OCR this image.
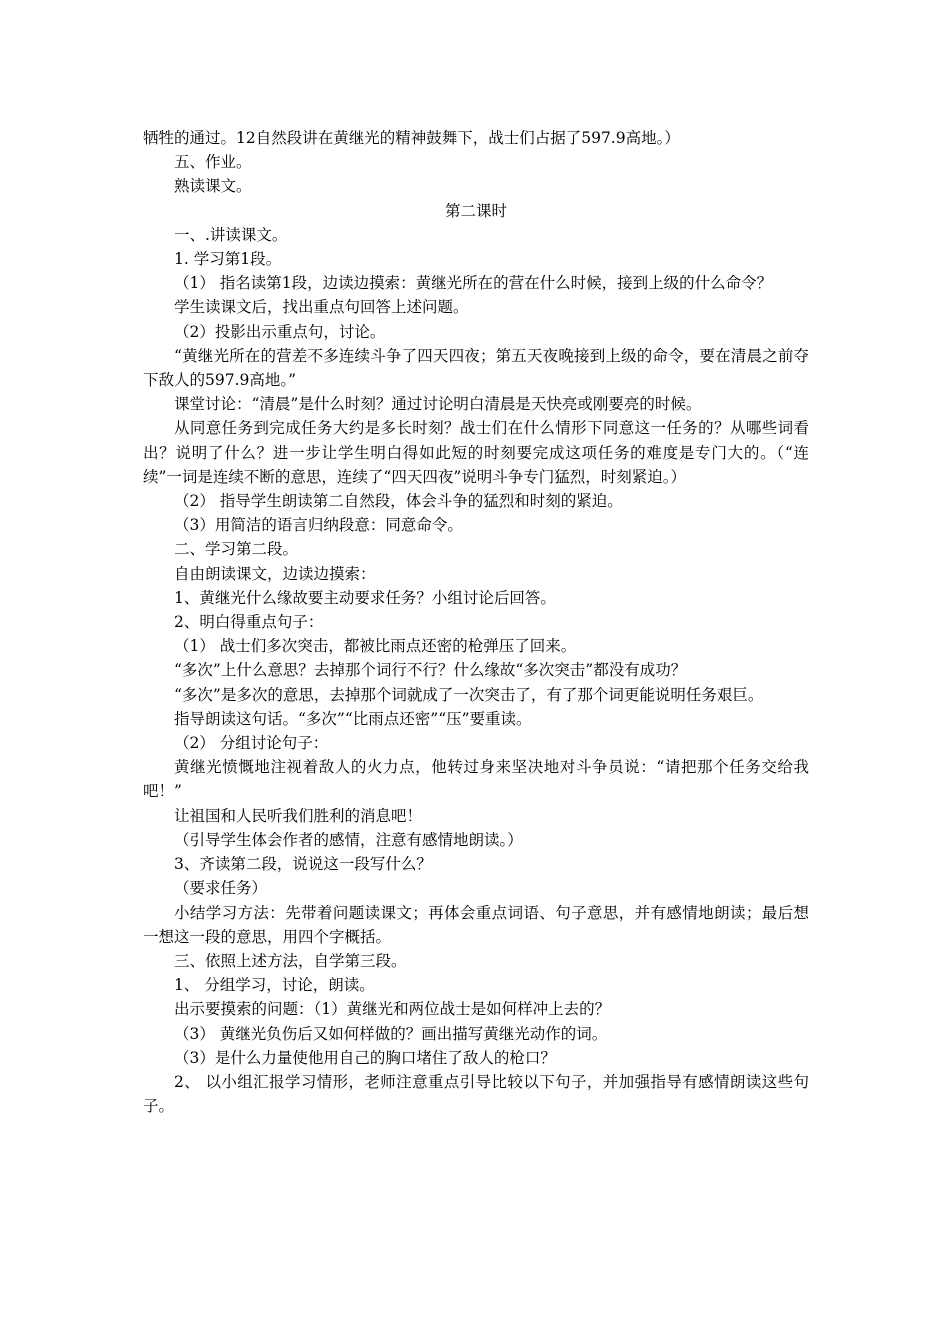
牺牲的通过。12自然段讲在黄继光的精神鼓舞下，战士们占据了597.9高地。）

五、作业。

熟读课文。

第二课时

一、.讲读课文。

1. 学习第1段。

（1） 指名读第1段，边读边摸索：黄继光所在的营在什么时候，接到上级的什么命令？

学生读课文后，找出重点句回答上述问题。

（2）投影出示重点句，讨论。

“黄继光所在的营差不多连续斗争了四天四夜；第五天夜晚接到上级的命令，要在清晨之前夺下敌人的597.9高地。”

课堂讨论：“清晨”是什么时刻？通过讨论明白清晨是天快亮或刚要亮的时候。

从同意任务到完成任务大约是多长时刻？战士们在什么情形下同意这一任务的？从哪些词看出？说明了什么？进一步让学生明白得如此短的时刻要完成这项任务的难度是专门大的。（“连续”一词是连续不断的意思，连续了“四天四夜”说明斗争专门猛烈，时刻紧迫。）

（2） 指导学生朗读第二自然段，体会斗争的猛烈和时刻的紧迫。

（3）用简洁的语言归纳段意：同意命令。

二、学习第二段。

自由朗读课文，边读边摸索：

1、黄继光什么缘故要主动要求任务？小组讨论后回答。

2、明白得重点句子：

（1） 战士们多次突击，都被比雨点还密的枪弹压了回来。

“多次”上什么意思？去掉那个词行不行？什么缘故“多次突击”都没有成功？

“多次”是多次的意思，去掉那个词就成了一次突击了，有了那个词更能说明任务艰巨。

指导朗读这句话。“多次”“比雨点还密”“压”要重读。

（2） 分组讨论句子：

黄继光愤慨地注视着敌人的火力点，他转过身来坚决地对斗争员说：“请把那个任务交给我吧！”

让祖国和人民听我们胜利的消息吧！

（引导学生体会作者的感情，注意有感情地朗读。）

3、齐读第二段，说说这一段写什么？

（要求任务）

小结学习方法：先带着问题读课文；再体会重点词语、句子意思，并有感情地朗读；最后想一想这一段的意思，用四个字概括。

三、依照上述方法，自学第三段。

1、 分组学习，讨论，朗读。

出示要摸索的问题：（1）黄继光和两位战士是如何样冲上去的？

（3） 黄继光负伤后又如何样做的？画出描写黄继光动作的词。

（3）是什么力量使他用自己的胸口堵住了敌人的枪口？

2、 以小组汇报学习情形，老师注意重点引导比较以下句子，并加强指导有感情朗读这些句子。
